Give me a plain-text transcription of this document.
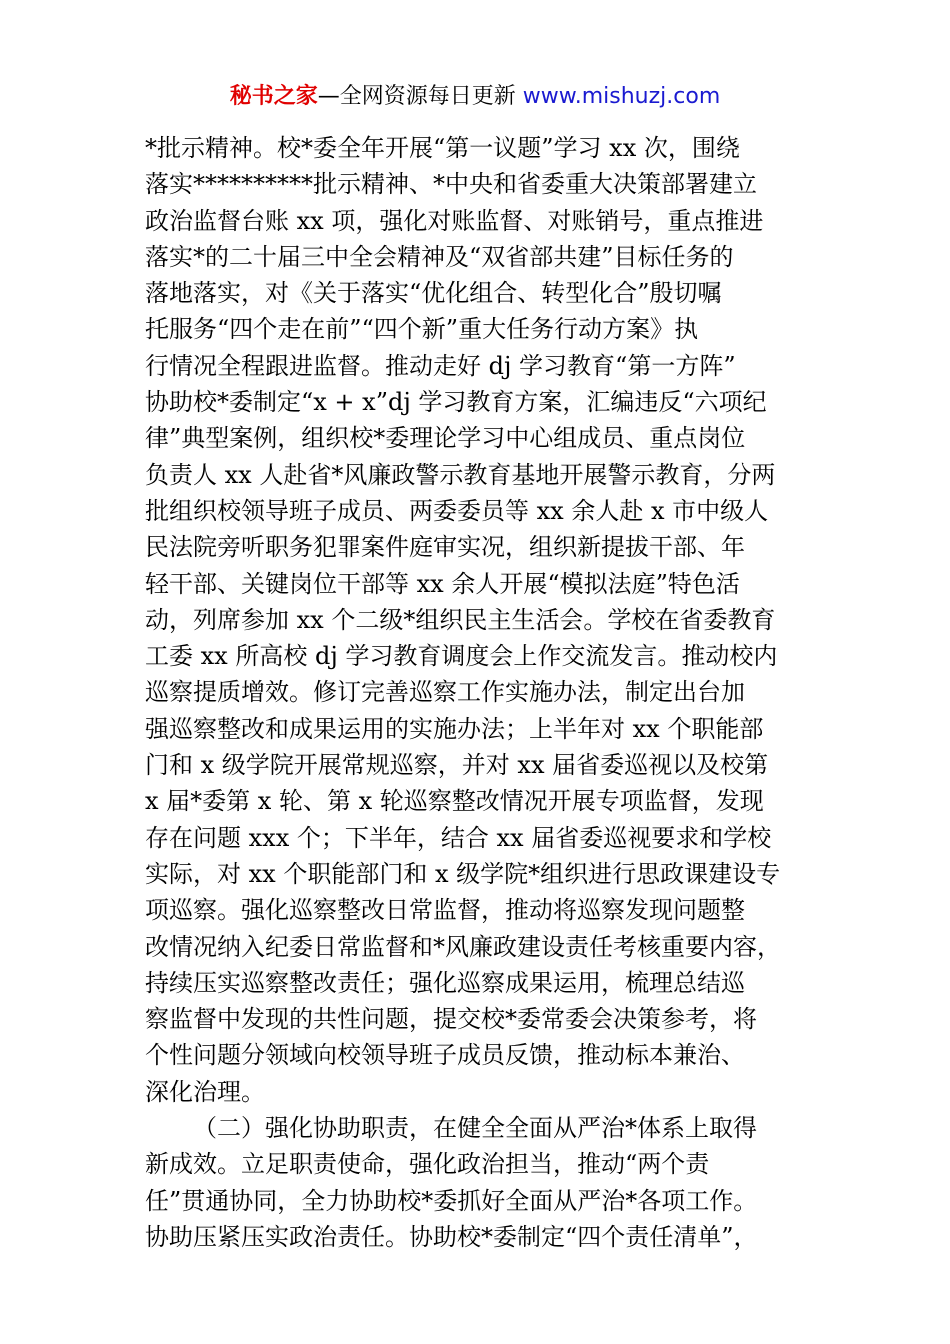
秘书之家—全网资源每日更新 www.mishuzj.com
*批示精神。校*委全年开展“第一议题”学习 xx 次，围绕
落实**********批示精神、*中央和省委重大决策部署建立
政治监督台账 xx 项，强化对账监督、对账销号，重点推进
落实*的二十届三中全会精神及“双省部共建”目标任务的
落地落实，对《关于落实“优化组合、转型化合”殷切嘱
托服务“四个走在前”“四个新”重大任务行动方案》执
行情况全程跟进监督。推动走好 dj 学习教育“第一方阵”
协助校*委制定“x + x”dj 学习教育方案，汇编违反“六项纪
律”典型案例，组织校*委理论学习中心组成员、重点岗位
负责人 xx 人赴省*风廉政警示教育基地开展警示教育，分两
批组织校领导班子成员、两委委员等 xx 余人赴 x 市中级人
民法院旁听职务犯罪案件庭审实况，组织新提拔干部、年
轻干部、关键岗位干部等 xx 余人开展“模拟法庭”特色活
动，列席参加 xx 个二级*组织民主生活会。学校在省委教育
工委 xx 所高校 dj 学习教育调度会上作交流发言。推动校内
巡察提质增效。修订完善巡察工作实施办法，制定出台加
强巡察整改和成果运用的实施办法；上半年对 xx 个职能部
门和 x 级学院开展常规巡察，并对 xx 届省委巡视以及校第
x 届*委第 x 轮、第 x 轮巡察整改情况开展专项监督，发现
存在问题 xxx 个；下半年，结合 xx 届省委巡视要求和学校
实际，对 xx 个职能部门和 x 级学院*组织进行思政课建设专
项巡察。强化巡察整改日常监督，推动将巡察发现问题整
改情况纳入纪委日常监督和*风廉政建设责任考核重要内容，
持续压实巡察整改责任；强化巡察成果运用，梳理总结巡
察监督中发现的共性问题，提交校*委常委会决策参考，将
个性问题分领域向校领导班子成员反馈，推动标本兼治、
深化治理。
（二）强化协助职责，在健全全面从严治*体系上取得
新成效。立足职责使命，强化政治担当，推动“两个责
任”贯通协同，全力协助校*委抓好全面从严治*各项工作。
协助压紧压实政治责任。协助校*委制定“四个责任清单”，
